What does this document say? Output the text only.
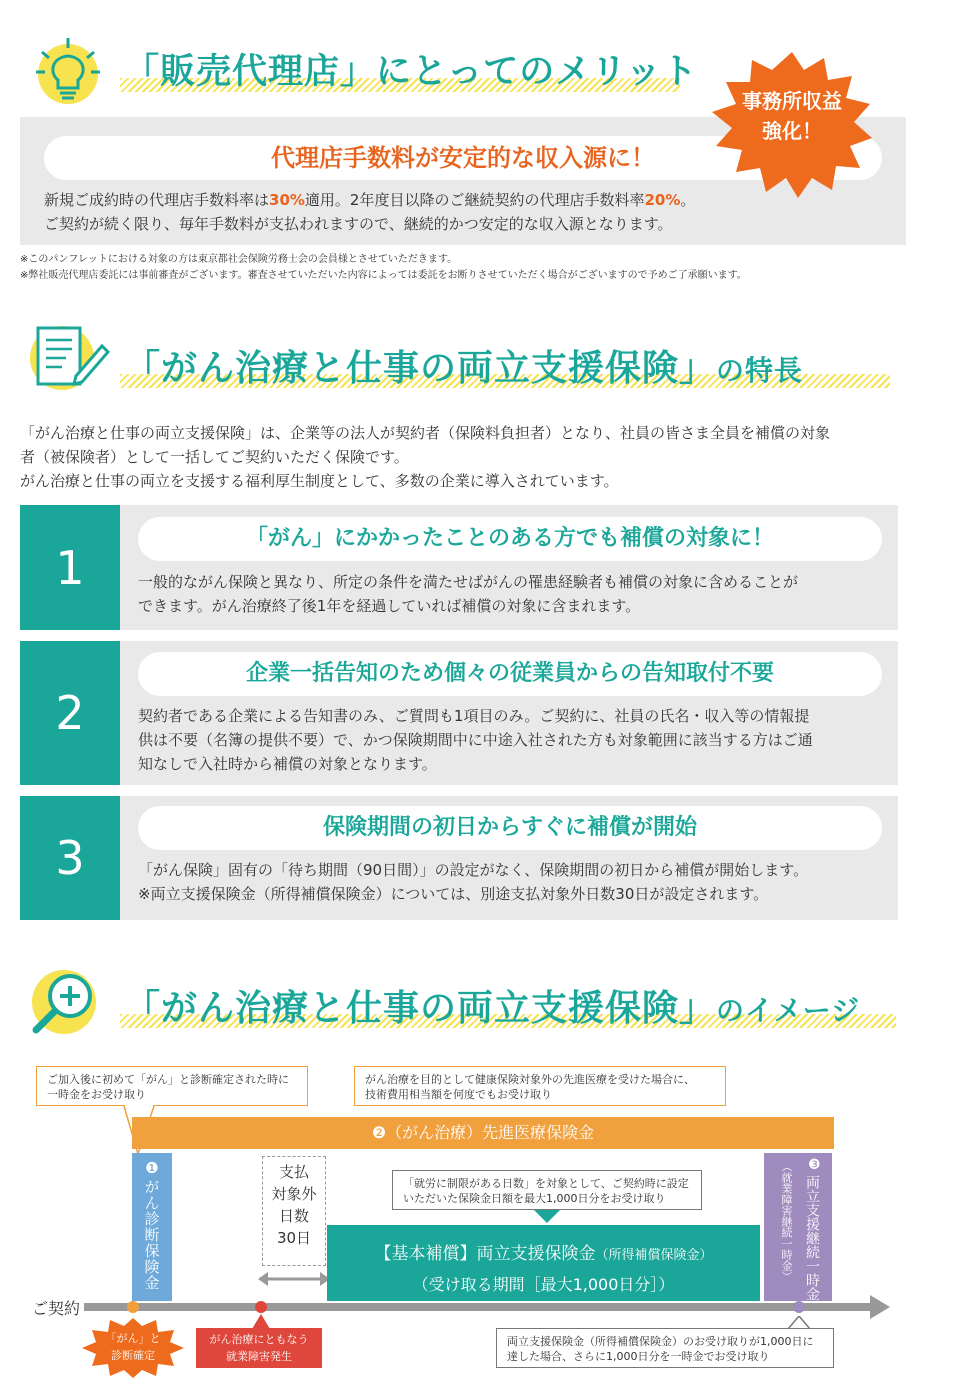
「販売代理店」にとってのメリット
代理店手数料が安定的な収入源に！
新規ご成約時の代理店手数料率は30%適用。2年度目以降のご継続契約の代理店手数料率20%。
ご契約が続く限り、毎年手数料が支払われますので、継続的かつ安定的な収入源となります。
事務所収益
強化！
※このパンフレットにおける対象の方は東京都社会保険労務士会の会員様とさせていただきます。
※弊社販売代理店委託には事前審査がございます。審査させていただいた内容によっては委託をお断りさせていただく場合がございますので予めご了承願います。
「がん治療と仕事の両立支援保険」の特長
「がん治療と仕事の両立支援保険」は、企業等の法人が契約者（保険料負担者）となり、社員の皆さま全員を補償の対象
者（被保険者）として一括してご契約いただく保険です。
がん治療と仕事の両立を支援する福利厚生制度として、多数の企業に導入されています。
1
「がん」にかかったことのある方でも補償の対象に！
一般的ながん保険と異なり、所定の条件を満たせばがんの罹患経験者も補償の対象に含めることが
できます。がん治療終了後1年を経過していれば補償の対象に含まれます。
2
企業一括告知のため個々の従業員からの告知取付不要
契約者である企業による告知書のみ、ご質問も1項目のみ。ご契約に、社員の氏名・収入等の情報提
供は不要（名簿の提供不要）で、かつ保険期間中に中途入社された方も対象範囲に該当する方はご通
知なしで入社時から補償の対象となります。
3
保険期間の初日からすぐに補償が開始
「がん保険」固有の「待ち期間（90日間）」の設定がなく、保険期間の初日から補償が開始します。
※両立支援保険金（所得補償保険金）については、別途支払対象外日数30日が設定されます。
「がん治療と仕事の両立支援保険」のイメージ
ご加入後に初めて「がん」と診断確定された時に
一時金をお受け取り
がん治療を目的として健康保険対象外の先進医療を受けた場合に、
技術費用相当額を何度でもお受け取り
❷（がん治療）先進医療保険金
❶
がん診断保険金
支払
対象外
日数
30日
「就労に制限がある日数」を対象として、ご契約時に設定
いただいた保険金日額を最大1,000日分をお受け取り
【基本補償】両立支援保険金（所得補償保険金）
（受け取る期間［最大1,000日分］）
❸
両立支援継続一時金
（就業障害継続一時金）
ご契約
「がん」と
診断確定
がん治療にともなう
就業障害発生
両立支援保険金（所得補償保険金）のお受け取りが1,000日に
達した場合、さらに1,000日分を一時金でお受け取り
